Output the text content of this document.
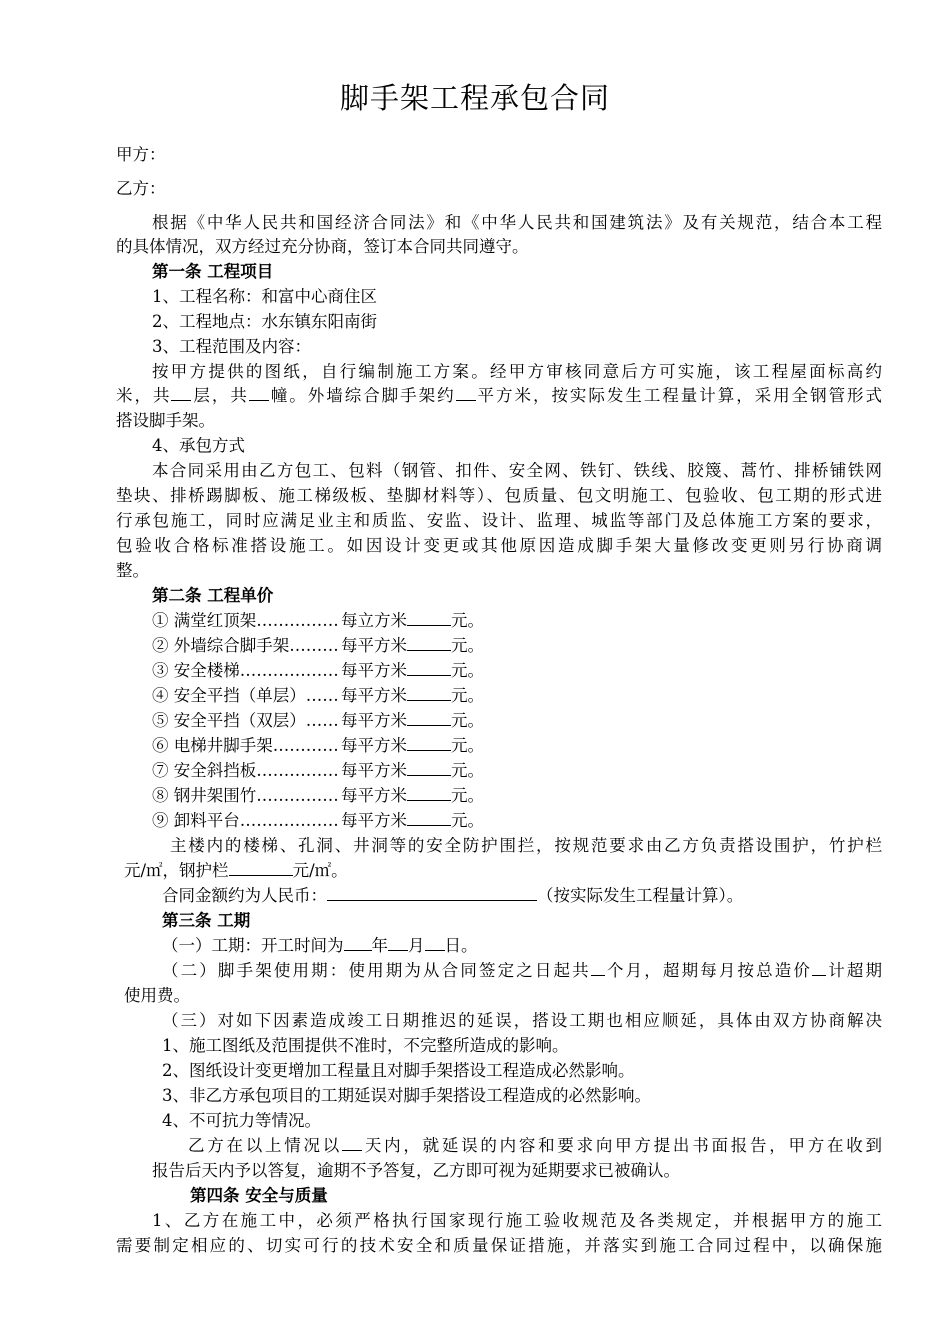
脚手架工程承包合同
甲方：
乙方：
根据《中华人民共和国经济合同法》和《中华人民共和国建筑法》及有关规范，结合本工程
的具体情况，双方经过充分协商，签订本合同共同遵守。
第一条 工程项目
1、工程名称：和富中心商住区
2、工程地点：水东镇东阳南街
3、工程范围及内容：
按甲方提供的图纸，自行编制施工方案。经甲方审核同意后方可实施，该工程屋面标高约
米，共 层，共 幢。外墙综合脚手架约 平方米，按实际发生工程量计算，采用全钢管形式
搭设脚手架。
4、承包方式
本合同采用由乙方包工、包料（钢管、扣件、安全网、铁钉、铁线、胶篾、蒿竹、排桥铺铁网
垫块、排桥踢脚板、施工梯级板、垫脚材料等）、包质量、包文明施工、包验收、包工期的形式进
行承包施工，同时应满足业主和质监、安监、设计、监理、城监等部门及总体施工方案的要求，
包验收合格标准搭设施工。如因设计变更或其他原因造成脚手架大量修改变更则另行协商调
整。
第二条 工程单价
① 满堂红顶架…………… 每立方米	元。
② 外墙综合脚手架……… 每平方米	元。
③ 安全楼梯……………… 每平方米	元。
④ 安全平挡（单层）…… 每平方米	元。
⑤ 安全平挡（双层）…… 每平方米	元。
⑥ 电梯井脚手架………… 每平方米	元。
⑦ 安全斜挡板…………… 每平方米	元。
⑧ 钢井架围竹…………… 每平方米	元。
⑨ 卸料平台……………… 每平方米	元。
主楼内的楼梯、孔洞、井洞等的安全防护围拦，按规范要求由乙方负责搭设围护，竹护栏
元/㎡，钢护栏	元/㎡。
合同金额约为人民币：	（按实际发生工程量计算）。
第三条 工期
（一）工期：开工时间为 年 月 日。
（二）脚手架使用期：使用期为从合同签定之日起共 个月，超期每月按总造价 计超期
使用费。
（三）对如下因素造成竣工日期推迟的延误，搭设工期也相应顺延，具体由双方协商解决
1、施工图纸及范围提供不准时，不完整所造成的影响。
2、图纸设计变更增加工程量且对脚手架搭设工程造成必然影响。
3、非乙方承包项目的工期延误对脚手架搭设工程造成的必然影响。
4、不可抗力等情况。
乙方在以上情况以 天内，就延误的内容和要求向甲方提出书面报告，甲方在收到
报告后天内予以答复，逾期不予答复，乙方即可视为延期要求已被确认。
第四条 安全与质量
1、乙方在施工中，必须严格执行国家现行施工验收规范及各类规定，并根据甲方的施工
需要制定相应的、切实可行的技术安全和质量保证措施，并落实到施工合同过程中，以确保施
